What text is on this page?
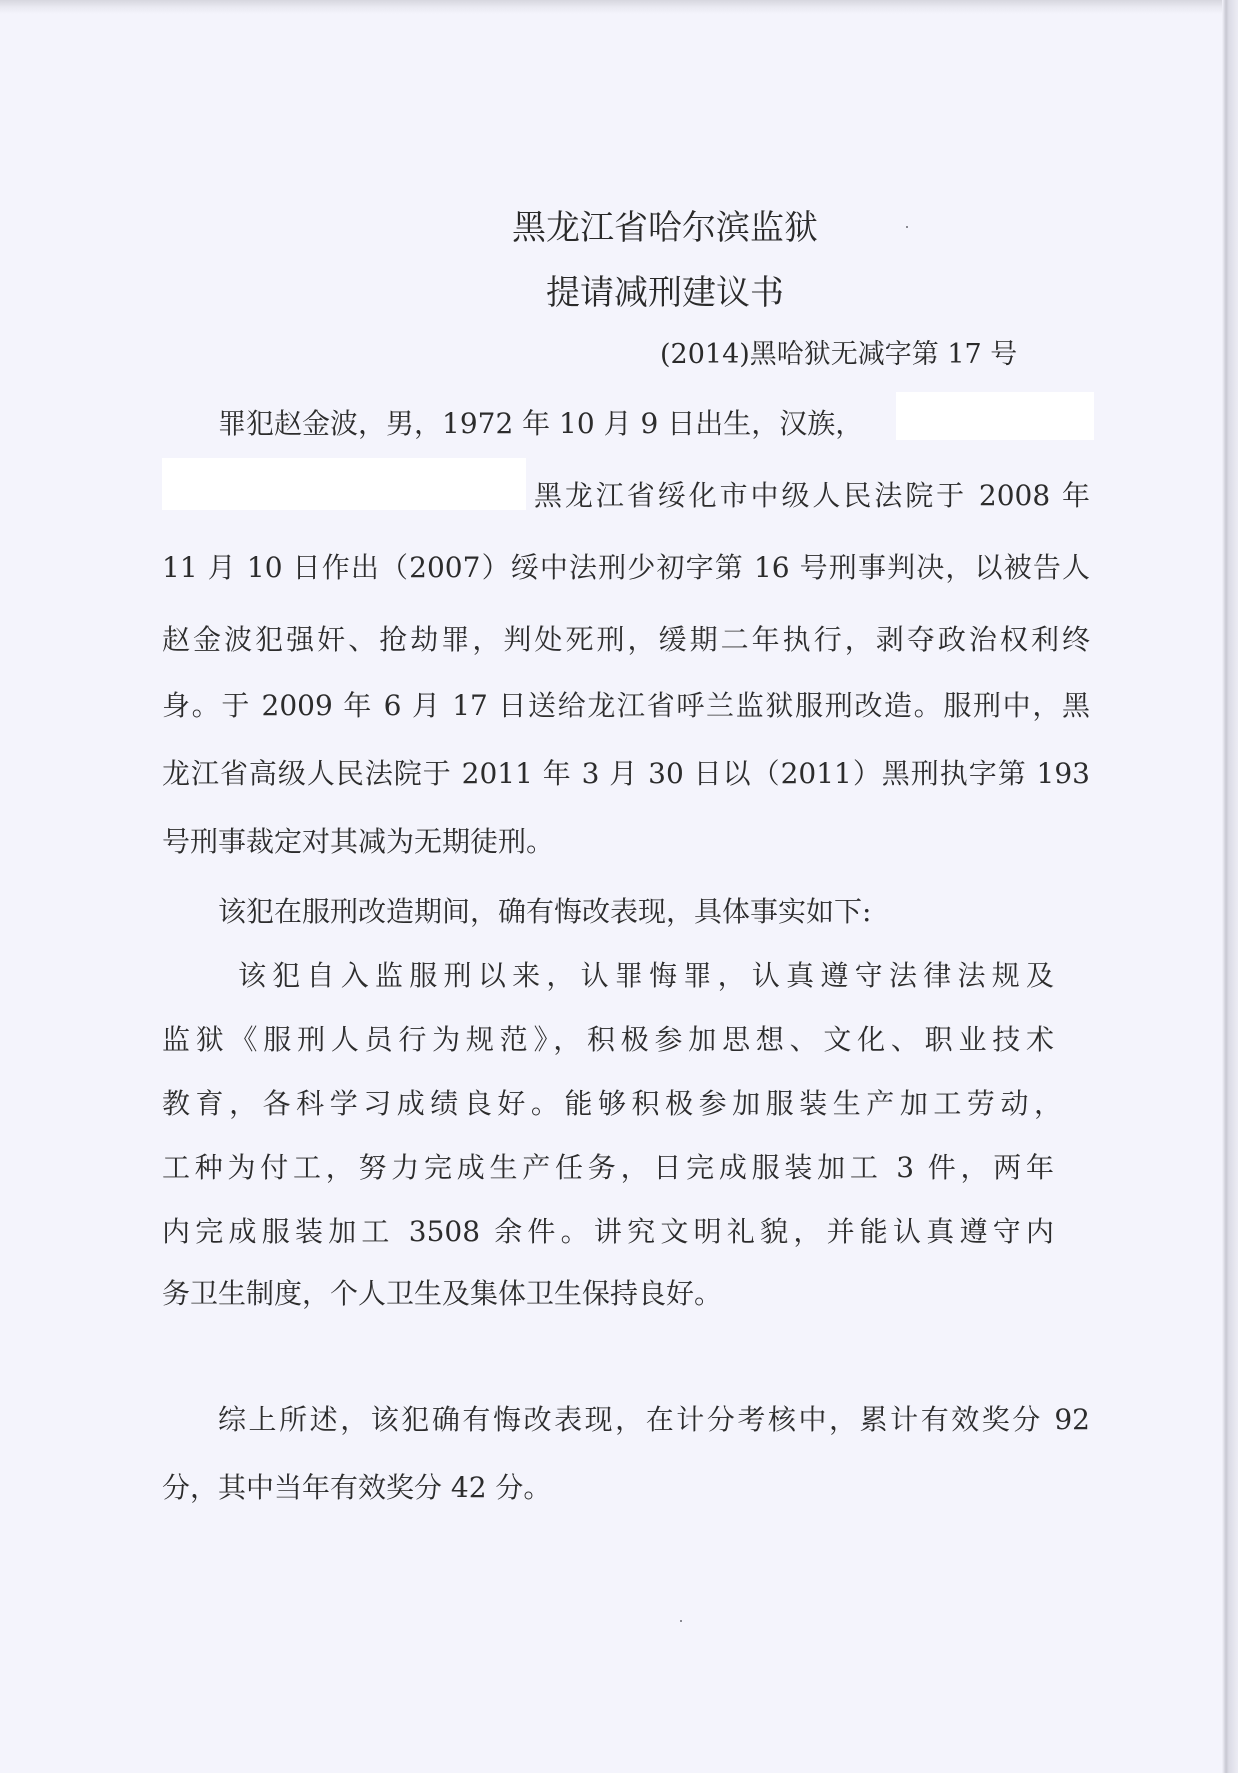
黑龙江省哈尔滨监狱
提请减刑建议书
(2014)黑哈狱无减字第 17 号
罪犯赵金波，男，1972 年 10 月 9 日出生，汉族，
黑龙江省绥化市中级人民法院于 2008 年
11 月 10 日作出（2007）绥中法刑少初字第 16 号刑事判决，以被告人
赵金波犯强奸、抢劫罪，判处死刑，缓期二年执行，剥夺政治权利终
身。于 2009 年 6 月 17 日送给龙江省呼兰监狱服刑改造。服刑中，黑
龙江省高级人民法院于 2011 年 3 月 30 日以（2011）黑刑执字第 193
号刑事裁定对其减为无期徒刑。
该犯在服刑改造期间，确有悔改表现，具体事实如下:
该犯自入监服刑以来，认罪悔罪，认真遵守法律法规及
监狱《服刑人员行为规范》，积极参加思想、文化、职业技术
教育，各科学习成绩良好。能够积极参加服装生产加工劳动，
工种为付工，努力完成生产任务，日完成服装加工 3 件，两年
内完成服装加工 3508 余件。讲究文明礼貌，并能认真遵守内
务卫生制度，个人卫生及集体卫生保持良好。
综上所述，该犯确有悔改表现，在计分考核中，累计有效奖分 92
分，其中当年有效奖分 42 分。
